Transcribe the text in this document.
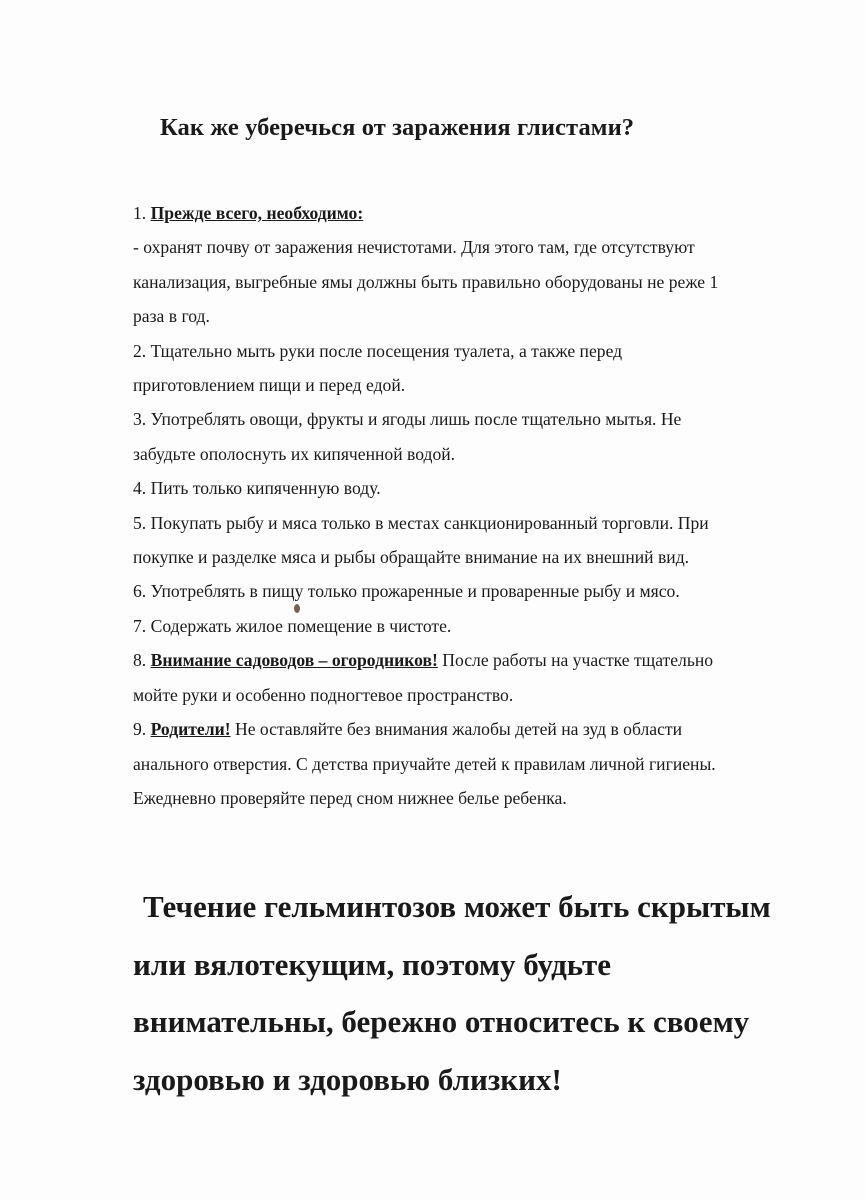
Как же уберечься от заражения глистами?

1. Прежде всего, необходимо:

- охранят почву от заражения нечистотами. Для этого там, где отсутствуют

канализация, выгребные ямы должны быть правильно оборудованы не реже 1

раза в год.

2. Тщательно мыть руки после посещения туалета, а также перед

приготовлением пищи и перед едой.

3. Употреблять овощи, фрукты и ягоды лишь после тщательно мытья. Не

забудьте ополоснуть их кипяченной водой.

4. Пить только кипяченную воду.

5. Покупать рыбу и мяса только в местах санкционированный торговли. При

покупке и разделке мяса и рыбы обращайте внимание на их внешний вид.

6. Употреблять в пищу только прожаренные и проваренные рыбу и мясо.

7. Содержать жилое помещение в чистоте.

8. Внимание садоводов – огородников! После работы на участке тщательно

мойте руки и особенно подногтевое пространство.

9. Родители! Не оставляйте без внимания жалобы детей на зуд в области

анального отверстия. С детства приучайте детей к правилам личной гигиены.

Ежедневно проверяйте перед сном нижнее белье ребенка.

Течение гельминтозов может быть скрытым

или вялотекущим, поэтому будьте

внимательны, бережно относитесь к своему

здоровью и здоровью близких!
